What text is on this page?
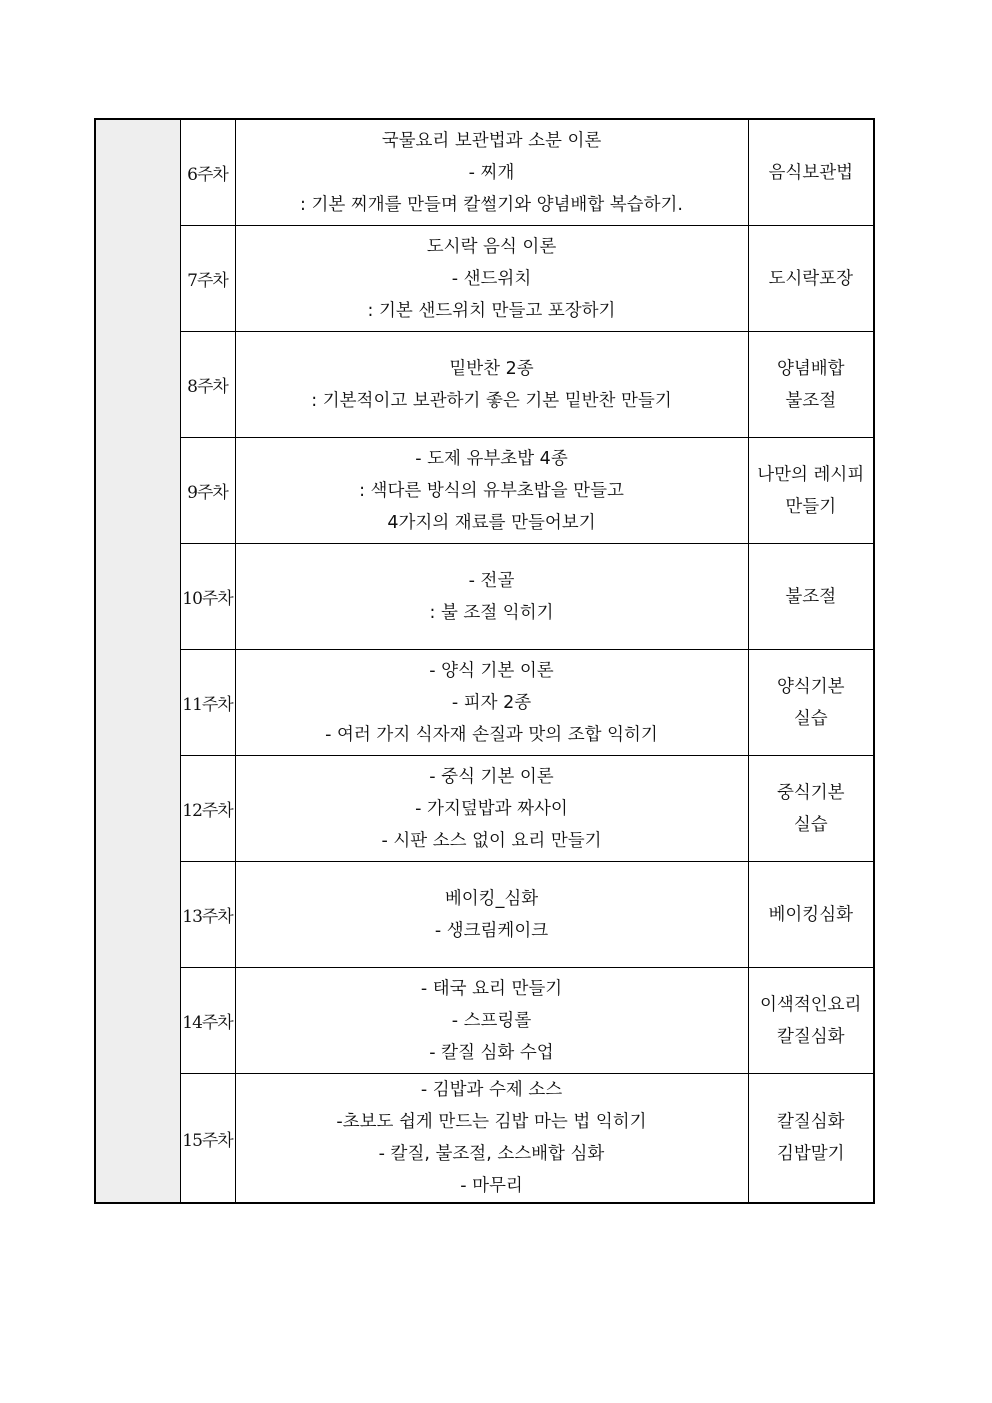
	6주차	국물요리 보관법과 소분 이론
- 찌개
: 기본 찌개를 만들며 칼썰기와 양념배합 복습하기.	음식보관법

	7주차	도시락 음식 이론
- 샌드위치
: 기본 샌드위치 만들고 포장하기	도시락포장

	8주차	밑반찬 2종
: 기본적이고 보관하기 좋은 기본 밑반찬 만들기	양념배합
불조절

	9주차	- 도제 유부초밥 4종
: 색다른 방식의 유부초밥을 만들고
4가지의 재료를 만들어보기	나만의 레시피
만들기

	10주차	- 전골
: 불 조절 익히기	불조절

	11주차	- 양식 기본 이론
- 피자 2종
- 여러 가지 식자재 손질과 맛의 조합 익히기	양식기본
실습

	12주차	- 중식 기본 이론
- 가지덮밥과 짜사이
- 시판 소스 없이 요리 만들기	중식기본
실습

	13주차	베이킹_심화
- 생크림케이크	베이킹심화

	14주차	- 태국 요리 만들기
- 스프링롤
- 칼질 심화 수업	이색적인요리
칼질심화

	15주차	- 김밥과 수제 소스
-초보도 쉽게 만드는 김밥 마는 법 익히기
- 칼질, 불조절, 소스배합 심화
- 마무리	칼질심화
김밥말기
